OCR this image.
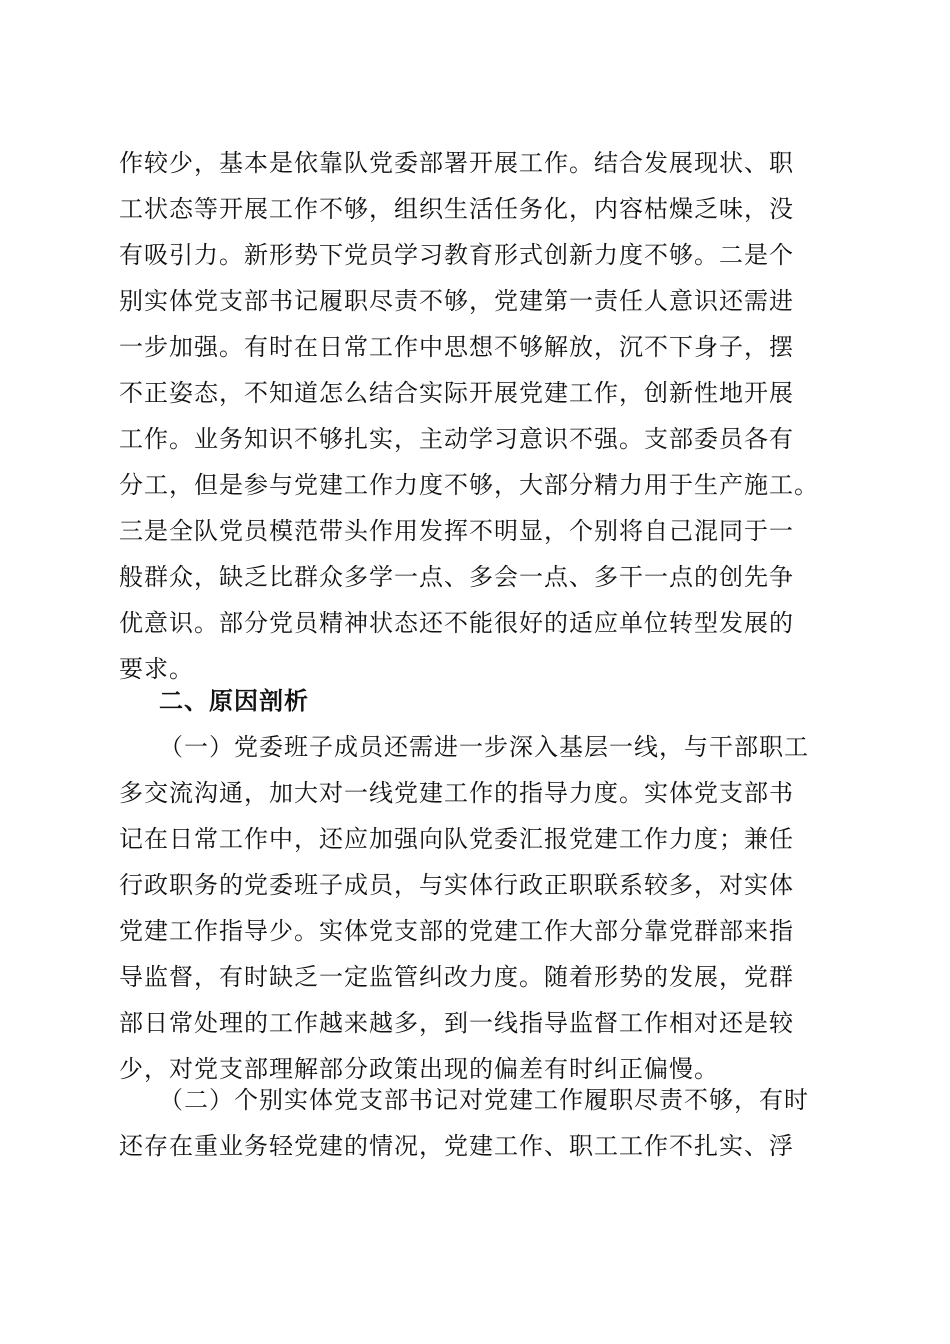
作较少，基本是依靠队党委部署开展工作。结合发展现状、职
工状态等开展工作不够，组织生活任务化，内容枯燥乏味，没
有吸引力。新形势下党员学习教育形式创新力度不够。二是个
别实体党支部书记履职尽责不够，党建第一责任人意识还需进
一步加强。有时在日常工作中思想不够解放，沉不下身子，摆
不正姿态，不知道怎么结合实际开展党建工作，创新性地开展
工作。业务知识不够扎实，主动学习意识不强。支部委员各有
分工，但是参与党建工作力度不够，大部分精力用于生产施工。
三是全队党员模范带头作用发挥不明显，个别将自己混同于一
般群众，缺乏比群众多学一点、多会一点、多干一点的创先争
优意识。部分党员精神状态还不能很好的适应单位转型发展的
要求。
二、原因剖析
（一）党委班子成员还需进一步深入基层一线，与干部职工
多交流沟通，加大对一线党建工作的指导力度。实体党支部书
记在日常工作中，还应加强向队党委汇报党建工作力度；兼任
行政职务的党委班子成员，与实体行政正职联系较多，对实体
党建工作指导少。实体党支部的党建工作大部分靠党群部来指
导监督，有时缺乏一定监管纠改力度。随着形势的发展，党群
部日常处理的工作越来越多，到一线指导监督工作相对还是较
少，对党支部理解部分政策出现的偏差有时纠正偏慢。
（二）个别实体党支部书记对党建工作履职尽责不够，有时
还存在重业务轻党建的情况，党建工作、职工工作不扎实、浮
